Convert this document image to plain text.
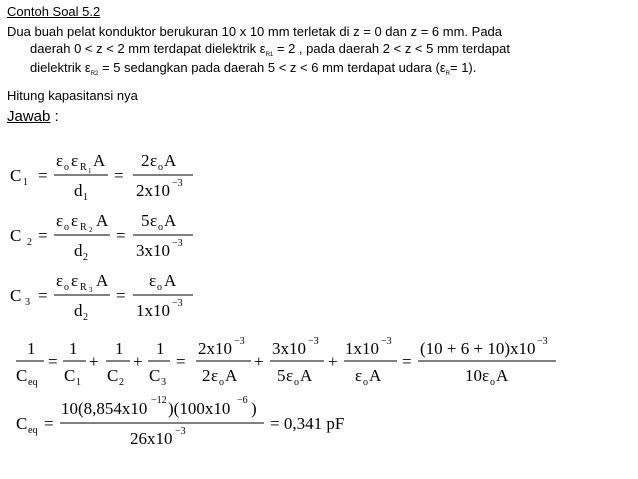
Contoh Soal 5.2
Dua buah pelat konduktor berukuran 10 x 10 mm terletak di z = 0 dan z = 6 mm. Pada
daerah 0 < z < 2 mm terdapat dielektrik $\varepsilon_{R1} = 2$ , pada daerah 2 < z < 5 mm terdapat
dielektrik $\varepsilon_{R2} = 5$ sedangkan pada daerah 5 < z < 6 mm terdapat udara $(\varepsilon_R= 1)$.
Hitung kapasitansi nya
Jawab :
C 1 =
ε o ε R 1
A
d 1
=
2 ε o A
2x10 −3
C 2 =
ε o ε R 2 A
d 2
=
5 ε o A
3x10 −3
C 3 =
ε o ε R 3 A
d 2
=
ε o A
1x10 −3
1
C eq
=
1
C 1
+
1
C 2
+
1
C 3
=
2x10 −3
2 ε o A
+
3x10 −3
5 ε o A
+
1x10 −3
ε o A
=
(10 + 6 + 10)x10 −3
10 ε o A
C eq =
10(8,854x10 −12 )(100x10 −6 )
26x10 −3	= 0,341 pF
